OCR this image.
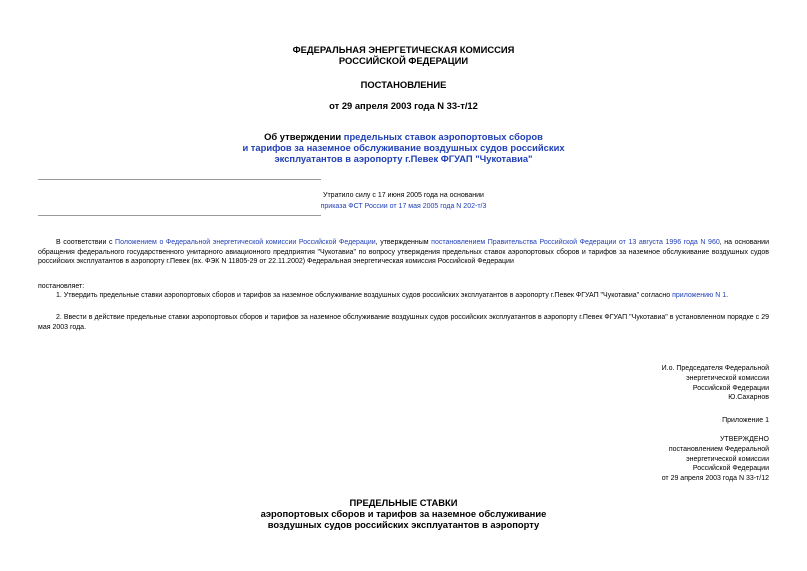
ФЕДЕРАЛЬНАЯ ЭНЕРГЕТИЧЕСКАЯ КОМИССИЯ
РОССИЙСКОЙ ФЕДЕРАЦИИ
ПОСТАНОВЛЕНИЕ
от 29 апреля 2003 года N 33-т/12
Об утверждении предельных ставок аэропортовых сборов
и тарифов за наземное обслуживание воздушных судов российских
эксплуатантов в аэропорту г.Певек ФГУАП "Чукотавиа"
Утратило силу с 17 июня 2005 года на основании
приказа ФСТ России от 17 мая 2005 года N 202-т/3
В соответствии с Положением о Федеральной энергетической комиссии Российской Федерации, утвержденным постановлением Правительства Российской Федерации от 13 августа 1996 года N 960, на основании обращения федерального государственного унитарного авиационного предприятия "Чукотавиа" по вопросу утверждения предельных ставок аэропортовых сборов и тарифов за наземное обслуживание воздушных судов российских эксплуатантов в аэропорту г.Певек (вх. ФЭК N 11805-29 от 22.11.2002) Федеральная энергетическая комиссия Российской Федерации
постановляет:
1. Утвердить предельные ставки аэропортовых сборов и тарифов за наземное обслуживание воздушных судов российских эксплуатантов в аэропорту г.Певек ФГУАП "Чукотавиа" согласно приложению N 1.
2. Ввести в действие предельные ставки аэропортовых сборов и тарифов за наземное обслуживание воздушных судов российских эксплуатантов в аэропорту г.Певек ФГУАП "Чукотавиа" в установленном порядке с 29 мая 2003 года.
И.о. Председателя Федеральной
энергетической комиссии
Российской Федерации
Ю.Сахарнов
Приложение 1
УТВЕРЖДЕНО
постановлением Федеральной
энергетической комиссии
Российской Федерации
от 29 апреля 2003 года N 33-т/12
ПРЕДЕЛЬНЫЕ СТАВКИ
аэропортовых сборов и тарифов за наземное обслуживание
воздушных судов российских эксплуатантов в аэропорту
